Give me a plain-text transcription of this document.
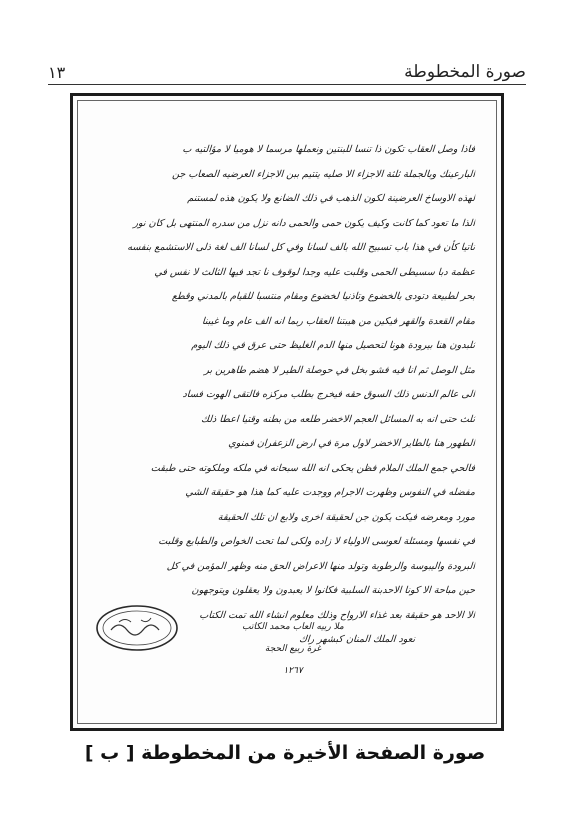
١٣	صورة المخطوطة
فاذا وصل العقاب تكون ذا تنسا للبنتين ونعملها مرسما لا هوميا لا مؤالتيه ب
البارعينك وبالجملة ثلثة الاجزاء الا صليه يتتيم ببن الاجزاء العرضيه الصعاب جن
لهذه الاوساخ العرضينة لكون الذهب في ذلك الضانع ولا يكون هذه لمستنم
الذا ما تعود كما كانت وكيف يكون حمى والحمى دانه نزل من سدره المنتهى بل كان نور
ناتيا كأن في هذا باب تسبيح الله بالف لسانا وفي كل لسانا الف لغة ذلى الاستشمع بنفسه
عظمة دبا سسيطى الحمى وقلبت عليه وجدا لوقوف نا تجد فيها الثالث لا نفس في
بحر لطبيعة دتودى بالخضوع وتاذنيا لخضوع ومقام منتسبا للقيام بالمدني وقطع
مقام القعدة والقهر فيكين من هيبتنا العقاب ربما انه الف عام وما غيبنا
ثلبدون هنا بيرودة هونا لتحصيل منها الدم الغليظ حتى عرق في ذلك اليوم
مثل الوصل ثم انا فيه فشو بخل في حوصلة الطير لا هضم طاهرين بر
الى عالم الدنس ذلك السوق حقه فيخرج بطلب مركزه فالتقى الهوت فساد
ثلث حتى انه به المسائل العجم الاخضر طلعه من بطنه وقتيا اعطا ذلك
الطهور هنا بالطاير الاخضر لاول مرة في ارض الزعفران فمنوي
فالحي جمع الملك الملام فظن يحكى انه الله سبحانه في ملكه وملكوته حتى طبقت
مفضله في النفوس وظهرت الاجرام ووجدت عليه كما هذا هو حقيقة الشي
مورد ومعرضه فيكت يكون جن لحقيقة اخرى ولابع ان تلك الحقيقة
في نفسها ومسئلة لعوسى الاولياء لا زاده ولكى لما تحت الخواص والطبايع وقلبت
البرودة واليبوسة والرطوبة وتولد منها الاعراض الحق منه وظهر المؤمن في كل
حين مباحة الا كونا الاحدبنة السلبية فكانوا لا يعبدون ولا يعقلون ويتوجهون
الا الاحد هو حقيقة بعد غذاء الارواح وذلك معلوم انشاء الله تمت الكتاب
نعود الملك المنان كبشهر راك
ملا ربيه العاب محمد الكاتب
غرة ربيع الحجة
١٢٦٧
صورة الصفحة الأخيرة من المخطوطة [ ب ]
